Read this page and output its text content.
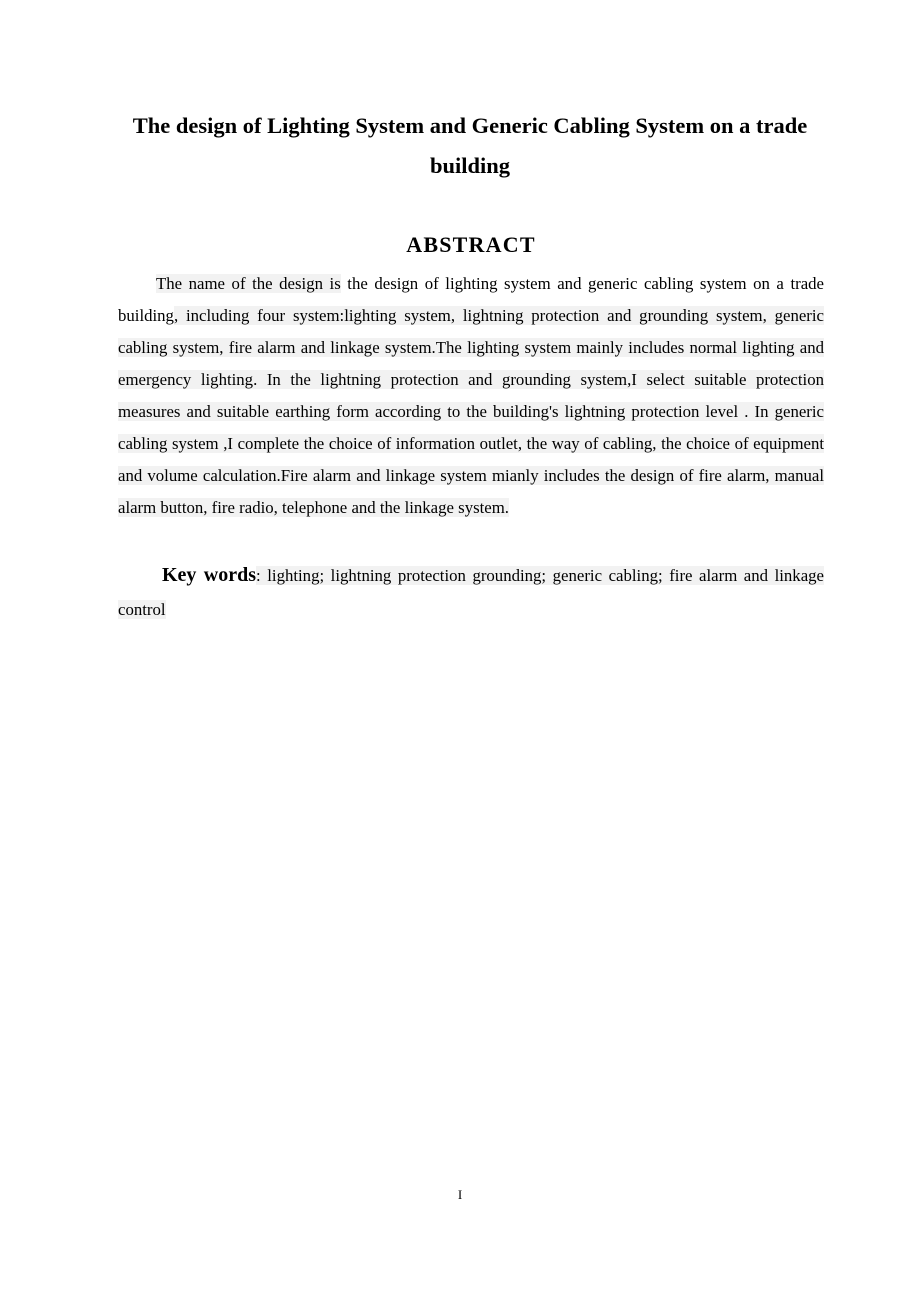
The design of Lighting System and Generic Cabling System on a trade building
ABSTRACT

The name of the design is the design of lighting system and generic cabling system on a trade building, including four system:lighting system, lightning protection and grounding system, generic cabling system, fire alarm and linkage system.The lighting system mainly includes normal lighting and emergency lighting. In the lightning protection and grounding system,I select suitable protection measures and suitable earthing form according to the building's lightning protection level . In generic cabling system ,I complete the choice of information outlet, the way of cabling, the choice of equipment and volume calculation.Fire alarm and linkage system mianly includes the design of fire alarm, manual alarm button, fire radio, telephone and the linkage system.

Key words: lighting; lightning protection grounding; generic cabling; fire alarm and linkage control

I
